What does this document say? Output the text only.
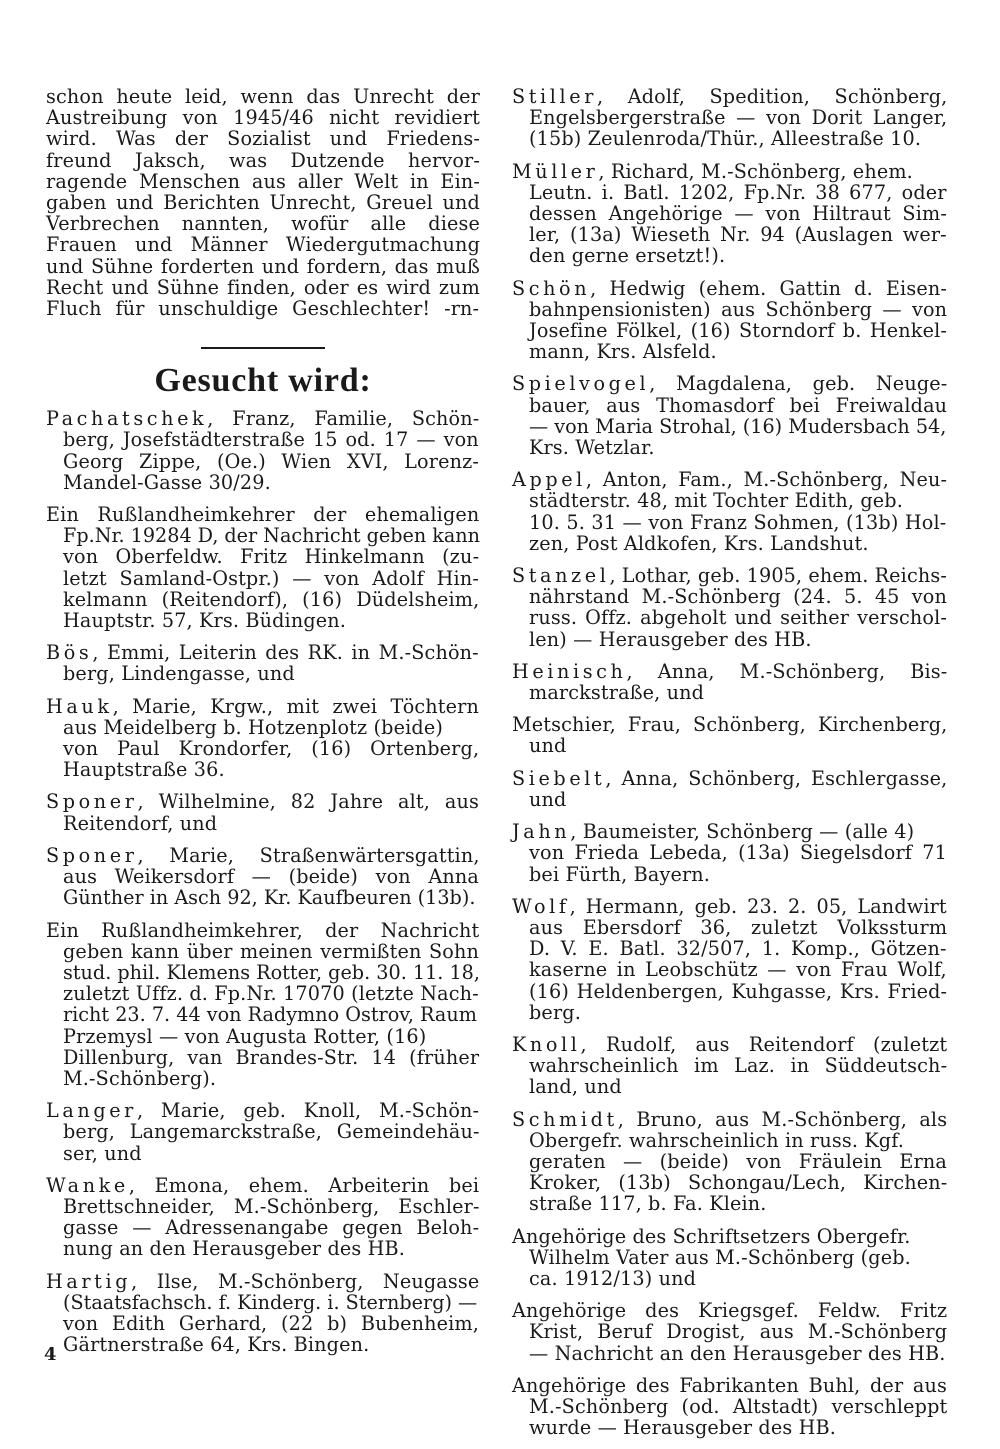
schon heute leid, wenn das Unrecht der
Austreibung von 1945/46 nicht revidiert
wird. Was der Sozialist und Friedens-
freund Jaksch, was Dutzende hervor-
ragende Menschen aus aller Welt in Ein-
gaben und Berichten Unrecht, Greuel und
Verbrechen nannten, wofür alle diese
Frauen und Männer Wiedergutmachung
und Sühne forderten und fordern, das muß
Recht und Sühne finden, oder es wird zum
Fluch für unschuldige Geschlechter! -rn-
Gesucht wird:
Pachatschek, Franz, Familie, Schön-
berg, Josefstädterstraße 15 od. 17 — von
Georg Zippe, (Oe.) Wien XVI, Lorenz-
Mandel-Gasse 30/29.
Ein Rußlandheimkehrer der ehemaligen
Fp.Nr. 19284 D, der Nachricht geben kann
von Oberfeldw. Fritz Hinkelmann (zu-
letzt Samland-Ostpr.) — von Adolf Hin-
kelmann (Reitendorf), (16) Düdelsheim,
Hauptstr. 57, Krs. Büdingen.
Bös, Emmi, Leiterin des RK. in M.-Schön-
berg, Lindengasse, und
Hauk, Marie, Krgw., mit zwei Töchtern
aus Meidelberg b. Hotzenplotz (beide)
von Paul Krondorfer, (16) Ortenberg,
Hauptstraße 36.
Sponer, Wilhelmine, 82 Jahre alt, aus
Reitendorf, und
Sponer, Marie, Straßenwärtersgattin,
aus Weikersdorf — (beide) von Anna
Günther in Asch 92, Kr. Kaufbeuren (13b).
Ein Rußlandheimkehrer, der Nachricht
geben kann über meinen vermißten Sohn
stud. phil. Klemens Rotter, geb. 30. 11. 18,
zuletzt Uffz. d. Fp.Nr. 17070 (letzte Nach-
richt 23. 7. 44 von Radymno Ostrov, Raum
Przemysl — von Augusta Rotter, (16)
Dillenburg, van Brandes-Str. 14 (früher
M.-Schönberg).
Langer, Marie, geb. Knoll, M.-Schön-
berg, Langemarckstraße, Gemeindehäu-
ser, und
Wanke, Emona, ehem. Arbeiterin bei
Brettschneider, M.-Schönberg, Eschler-
gasse — Adressenangabe gegen Beloh-
nung an den Herausgeber des HB.
Hartig, Ilse, M.-Schönberg, Neugasse
(Staatsfachsch. f. Kinderg. i. Sternberg) —
von Edith Gerhard, (22 b) Bubenheim,
Gärtnerstraße 64, Krs. Bingen.
Stiller, Adolf, Spedition, Schönberg,
Engelsbergerstraße — von Dorit Langer,
(15b) Zeulenroda/Thür., Alleestraße 10.
Müller, Richard, M.-Schönberg, ehem.
Leutn. i. Batl. 1202, Fp.Nr. 38 677, oder
dessen Angehörige — von Hiltraut Sim-
ler, (13a) Wieseth Nr. 94 (Auslagen wer-
den gerne ersetzt!).
Schön, Hedwig (ehem. Gattin d. Eisen-
bahnpensionisten) aus Schönberg — von
Josefine Fölkel, (16) Storndorf b. Henkel-
mann, Krs. Alsfeld.
Spielvogel, Magdalena, geb. Neuge-
bauer, aus Thomasdorf bei Freiwaldau
— von Maria Strohal, (16) Mudersbach 54,
Krs. Wetzlar.
Appel, Anton, Fam., M.-Schönberg, Neu-
städterstr. 48, mit Tochter Edith, geb.
10. 5. 31 — von Franz Sohmen, (13b) Hol-
zen, Post Aldkofen, Krs. Landshut.
Stanzel, Lothar, geb. 1905, ehem. Reichs-
nährstand M.-Schönberg (24. 5. 45 von
russ. Offz. abgeholt und seither verschol-
len) — Herausgeber des HB.
Heinisch, Anna, M.-Schönberg, Bis-
marckstraße, und
Metschier, Frau, Schönberg, Kirchenberg,
und
Siebelt, Anna, Schönberg, Eschlergasse,
und
Jahn, Baumeister, Schönberg — (alle 4)
von Frieda Lebeda, (13a) Siegelsdorf 71
bei Fürth, Bayern.
Wolf, Hermann, geb. 23. 2. 05, Landwirt
aus Ebersdorf 36, zuletzt Volkssturm
D. V. E. Batl. 32/507, 1. Komp., Götzen-
kaserne in Leobschütz — von Frau Wolf,
(16) Heldenbergen, Kuhgasse, Krs. Fried-
berg.
Knoll, Rudolf, aus Reitendorf (zuletzt
wahrscheinlich im Laz. in Süddeutsch-
land, und
Schmidt, Bruno, aus M.-Schönberg, als
Obergefr. wahrscheinlich in russ. Kgf.
geraten — (beide) von Fräulein Erna
Kroker, (13b) Schongau/Lech, Kirchen-
straße 117, b. Fa. Klein.
Angehörige des Schriftsetzers Obergefr.
Wilhelm Vater aus M.-Schönberg (geb.
ca. 1912/13) und
Angehörige des Kriegsgef. Feldw. Fritz
Krist, Beruf Drogist, aus M.-Schönberg
— Nachricht an den Herausgeber des HB.
Angehörige des Fabrikanten Buhl, der aus
M.-Schönberg (od. Altstadt) verschleppt
wurde — Herausgeber des HB.
4
